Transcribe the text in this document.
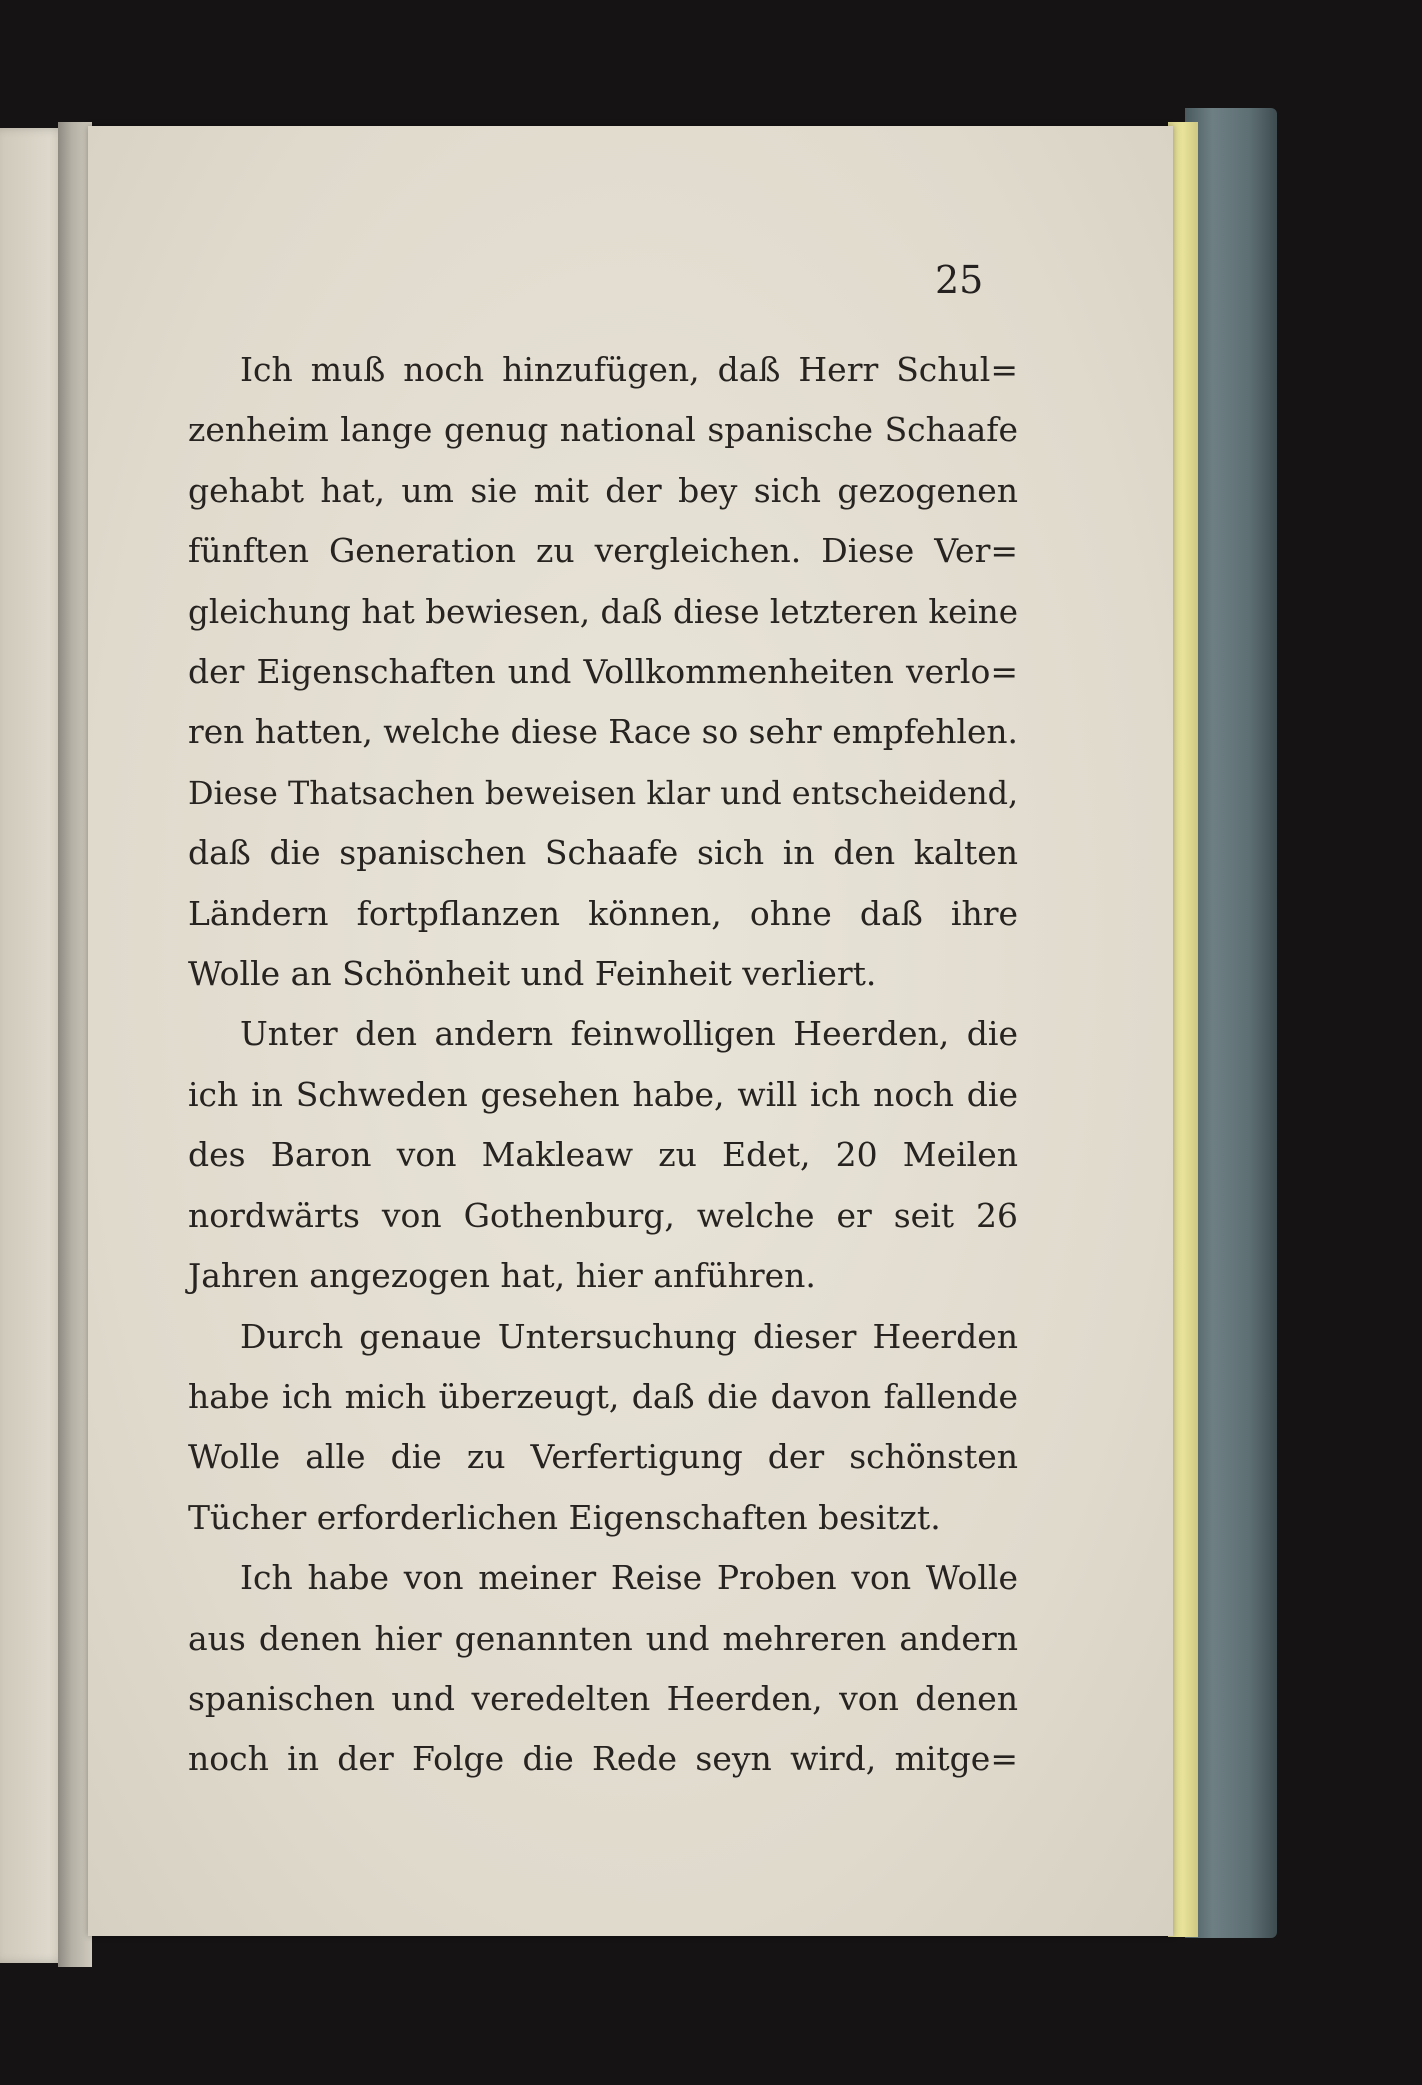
25

Ich muß noch hinzufügen, daß Herr Schul=
zenheim lange genug national spanische Schaafe
gehabt hat, um sie mit der bey sich gezogenen
fünften Generation zu vergleichen. Diese Ver=
gleichung hat bewiesen, daß diese letzteren keine
der Eigenschaften und Vollkommenheiten verlo=
ren hatten, welche diese Race so sehr empfehlen.
Diese Thatsachen beweisen klar und entscheidend,
daß die spanischen Schaafe sich in den kalten
Ländern fortpflanzen können, ohne daß ihre
Wolle an Schönheit und Feinheit verliert.

Unter den andern feinwolligen Heerden, die
ich in Schweden gesehen habe, will ich noch die
des Baron von Makleaw zu Edet, 20 Meilen
nordwärts von Gothenburg, welche er seit 26
Jahren angezogen hat, hier anführen.

Durch genaue Untersuchung dieser Heerden
habe ich mich überzeugt, daß die davon fallende
Wolle alle die zu Verfertigung der schönsten
Tücher erforderlichen Eigenschaften besitzt.

Ich habe von meiner Reise Proben von Wolle
aus denen hier genannten und mehreren andern
spanischen und veredelten Heerden, von denen
noch in der Folge die Rede seyn wird, mitge=
